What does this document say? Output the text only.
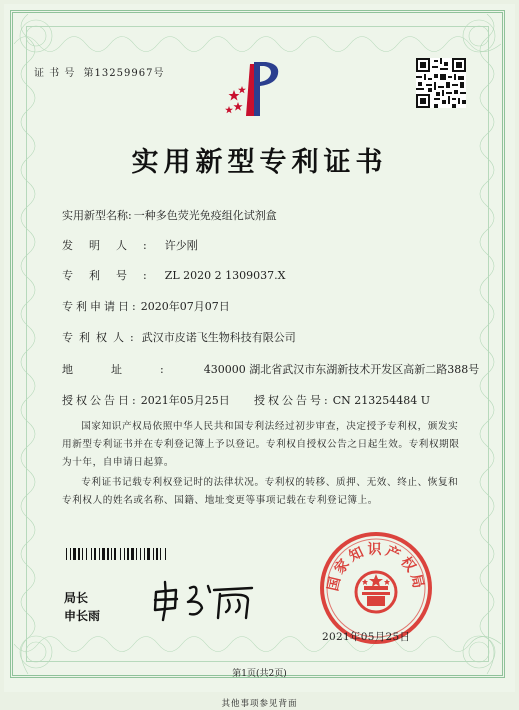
证 书 号 第13259967号
实用新型专利证书
实用新型名称: 一种多色荧光免疫组化试剂盒
发明人: 许少刚
专利号: ZL 2020 2 1309037.X
专利申请日: 2020年07月07日
专利权人: 武汉市皮诺飞生物科技有限公司
地址: 430000 湖北省武汉市东湖新技术开发区高新二路388号
授权公告日: 2021年05月25日 授权公告号: CN 213254484 U
国家知识产权局依照中华人民共和国专利法经过初步审查，决定授予专利权，颁发实用新型专利证书并在专利登记簿上予以登记。专利权自授权公告之日起生效。专利权期限为十年，自申请日起算。
专利证书记载专利权登记时的法律状况。专利权的转移、质押、无效、终止、恢复和专利权人的姓名或名称、国籍、地址变更等事项记载在专利登记簿上。
局长
申长雨
国家知识产权局
2021年05月25日
第1页(共2页)
其他事项参见背面
